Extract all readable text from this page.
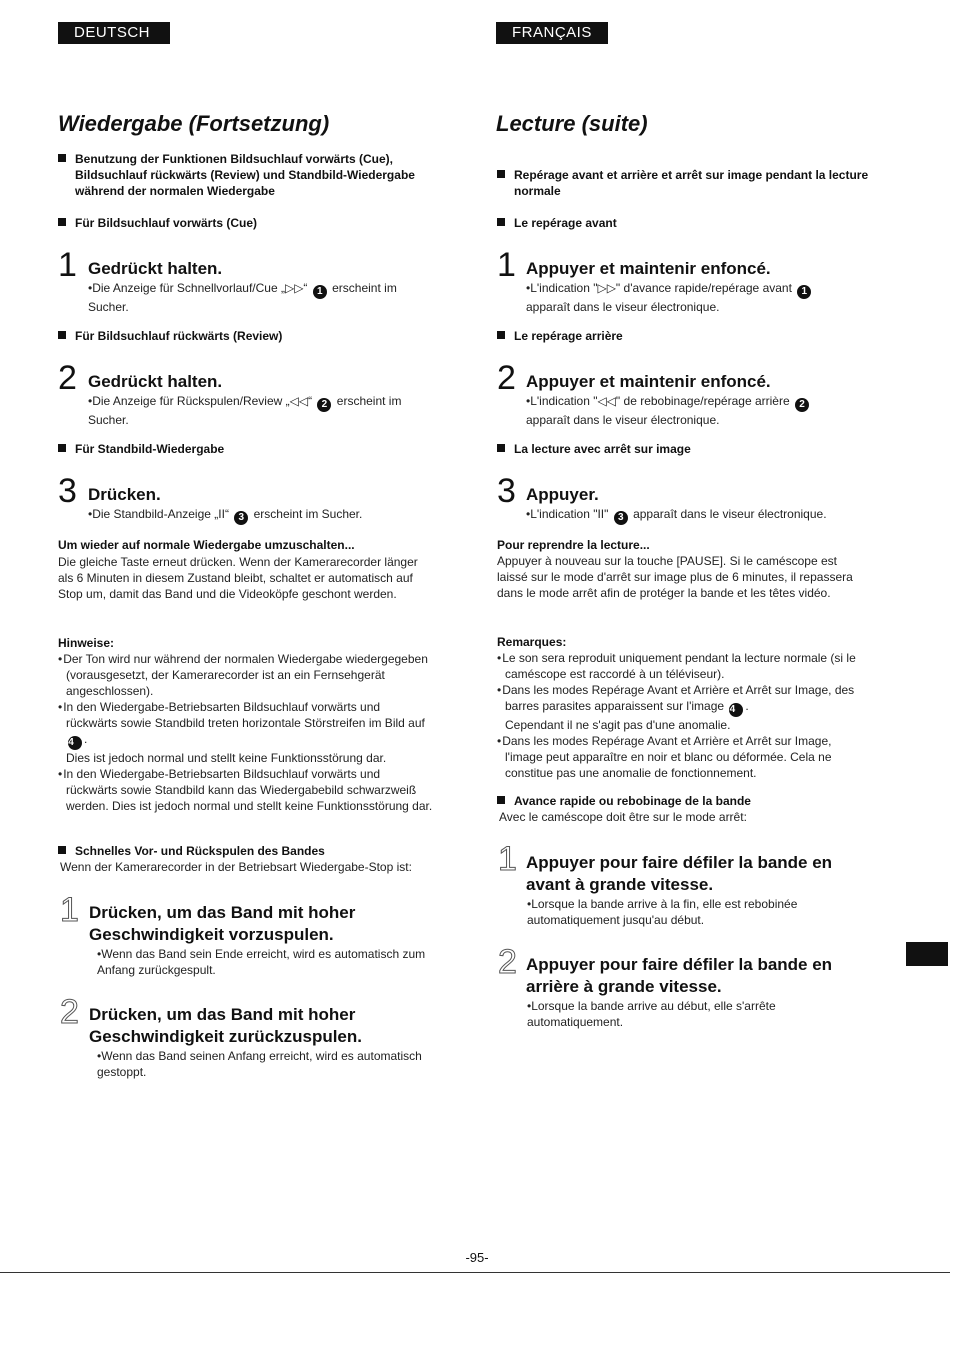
DEUTSCH	FRANÇAIS
Wiedergabe (Fortsetzung)

Benutzung der Funktionen Bildsuchlauf vorwärts (Cue), Bildsuchlauf rückwärts (Review) und Standbild-Wiedergabe während der normalen Wiedergabe

Für Bildsuchlauf vorwärts (Cue)

1 Gedrückt halten.

•Die Anzeige für Schnellvorlauf/Cue „▷▷“ 1 erscheint im Sucher.

Für Bildsuchlauf rückwärts (Review)

2 Gedrückt halten.

•Die Anzeige für Rückspulen/Review „◁◁“ 2 erscheint im Sucher.

Für Standbild-Wiedergabe

3 Drücken.

•Die Standbild-Anzeige „II“ 3 erscheint im Sucher.

Um wieder auf normale Wiedergabe umzuschalten...

Die gleiche Taste erneut drücken. Wenn der Kamerarecorder länger als 6 Minuten in diesem Zustand bleibt, schaltet er automatisch auf Stop um, damit das Band und die Videoköpfe geschont werden.

Hinweise:

• Der Ton wird nur während der normalen Wiedergabe wiedergegeben (vorausgesetzt, der Kamerarecorder ist an ein Fernsehgerät angeschlossen).
• In den Wiedergabe-Betriebsarten Bildsuchlauf vorwärts und rückwärts sowie Standbild treten horizontale Störstreifen im Bild auf 4 .
Dies ist jedoch normal und stellt keine Funktionsstörung dar.
• In den Wiedergabe-Betriebsarten Bildsuchlauf vorwärts und rückwärts sowie Standbild kann das Wiedergabebild schwarzweiß werden. Dies ist jedoch normal und stellt keine Funktionsstörung dar.

Schnelles Vor- und Rückspulen des Bandes

Wenn der Kamerarecorder in der Betriebsart Wiedergabe-Stop ist:

1 Drücken, um das Band mit hoher Geschwindigkeit vorzuspulen.

•Wenn das Band sein Ende erreicht, wird es automatisch zum Anfang zurückgespult.

2 Drücken, um das Band mit hoher Geschwindigkeit zurückzuspulen.

•Wenn das Band seinen Anfang erreicht, wird es automatisch gestoppt.

Lecture (suite)

Repérage avant et arrière et arrêt sur image pendant la lecture normale

Le repérage avant

1 Appuyer et maintenir enfoncé.

•L'indication "▷▷" d'avance rapide/repérage avant 1 apparaît dans le viseur électronique.

Le repérage arrière

2 Appuyer et maintenir enfoncé.

•L'indication "◁◁" de rebobinage/repérage arrière 2 apparaît dans le viseur électronique.

La lecture avec arrêt sur image

3 Appuyer.

•L'indication "II" 3 apparaît dans le viseur électronique.

Pour reprendre la lecture...

Appuyer à nouveau sur la touche [PAUSE]. Si le caméscope est laissé sur le mode d'arrêt sur image plus de 6 minutes, il repassera dans le mode arrêt afin de protéger la bande et les têtes vidéo.

Remarques:

• Le son sera reproduit uniquement pendant la lecture normale (si le caméscope est raccordé à un téléviseur).
• Dans les modes Repérage Avant et Arrière et Arrêt sur Image, des barres parasites apparaissent sur l'image 4 .
Cependant il ne s'agit pas d'une anomalie.
• Dans les modes Repérage Avant et Arrière et Arrêt sur Image, l'image peut apparaître en noir et blanc ou déformée. Cela ne constitue pas une anomalie de fonctionnement.

Avance rapide ou rebobinage de la bande

Avec le caméscope doit être sur le mode arrêt:

1 Appuyer pour faire défiler la bande en avant à grande vitesse.

•Lorsque la bande arrive à la fin, elle est rebobinée automatiquement jusqu'au début.

2 Appuyer pour faire défiler la bande en arrière à grande vitesse.

•Lorsque la bande arrive au début, elle s'arrête automatiquement.

-95-
